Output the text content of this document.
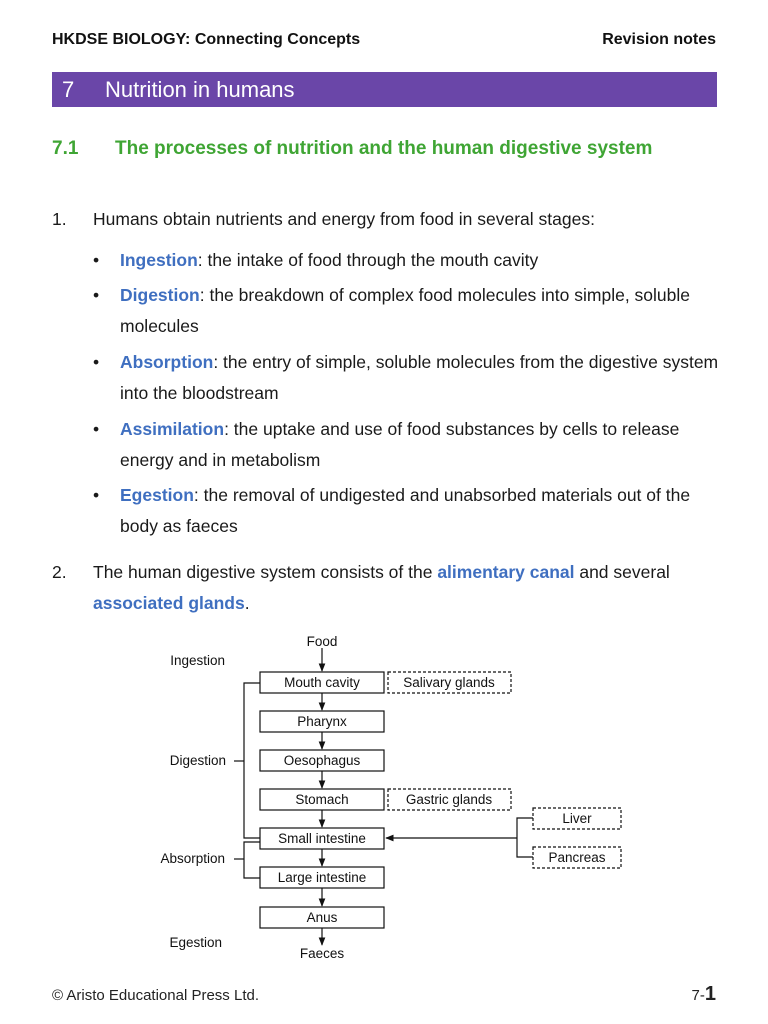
HKDSE BIOLOGY: Connecting Concepts	Revision notes
7	Nutrition in humans
7.1 The processes of nutrition and the human digestive system
1. Humans obtain nutrients and energy from food in several stages:
• Ingestion: the intake of food through the mouth cavity
• Digestion: the breakdown of complex food molecules into simple, soluble molecules
• Absorption: the entry of simple, soluble molecules from the digestive system into the bloodstream
• Assimilation: the uptake and use of food substances by cells to release energy and in metabolism
• Egestion: the removal of undigested and unabsorbed materials out of the body as faeces
2. The human digestive system consists of the alimentary canal and several associated glands.
Food
Mouth cavity
Pharynx
Oesophagus
Stomach
Small intestine
Large intestine
Anus
Faeces
Salivary glands
Gastric glands
Liver
Pancreas
Ingestion
Digestion
Absorption
Egestion
© Aristo Educational Press Ltd.	7-1
